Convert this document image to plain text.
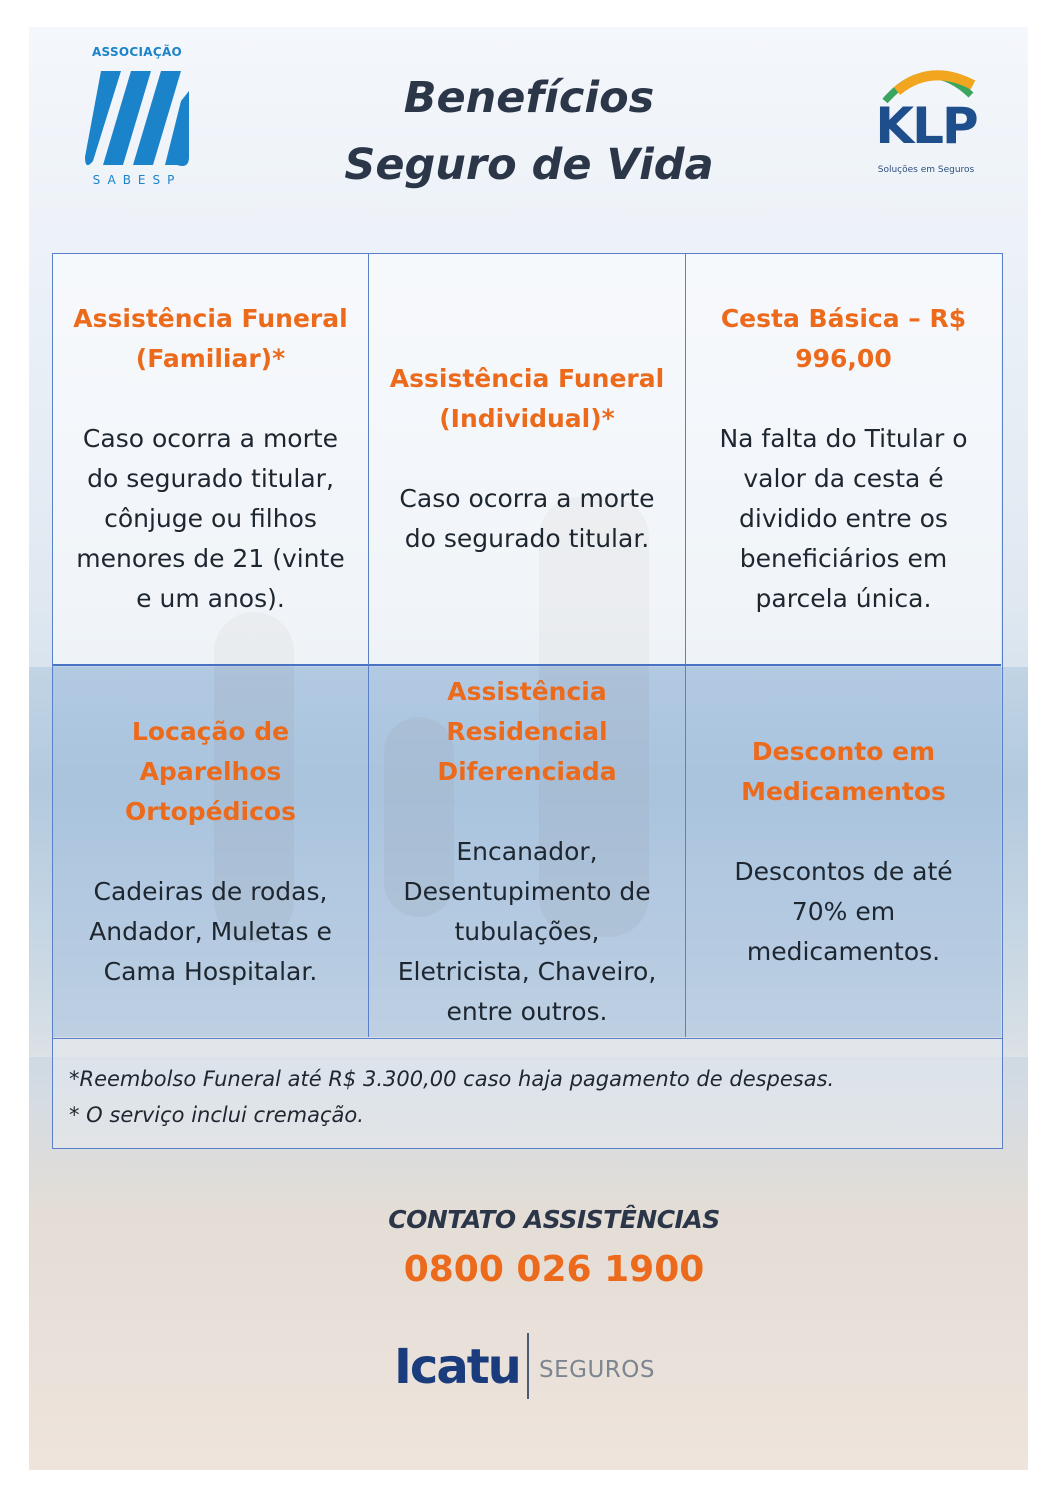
ASSOCIAÇÃO
SABESP
Benefícios
Seguro de Vida
KLP
Soluções em Seguros
Assistência Funeral
(Familiar)*
Caso ocorra a morte
do segurado titular,
cônjuge ou filhos
menores de 21 (vinte
e um anos).
Assistência Funeral
(Individual)*
Caso ocorra a morte
do segurado titular.
Cesta Básica – R$
996,00
Na falta do Titular o
valor da cesta é
dividido entre os
beneficiários em
parcela única.
Locação de
Aparelhos
Ortopédicos
Cadeiras de rodas,
Andador, Muletas e
Cama Hospitalar.
Assistência
Residencial
Diferenciada
Encanador,
Desentupimento de
tubulações,
Eletricista, Chaveiro,
entre outros.
Desconto em
Medicamentos
Descontos de até
70% em
medicamentos.
*Reembolso Funeral até R$ 3.300,00 caso haja pagamento de despesas.
* O serviço inclui cremação.
CONTATO ASSISTÊNCIAS
0800 026 1900
Icatu SEGUROS
